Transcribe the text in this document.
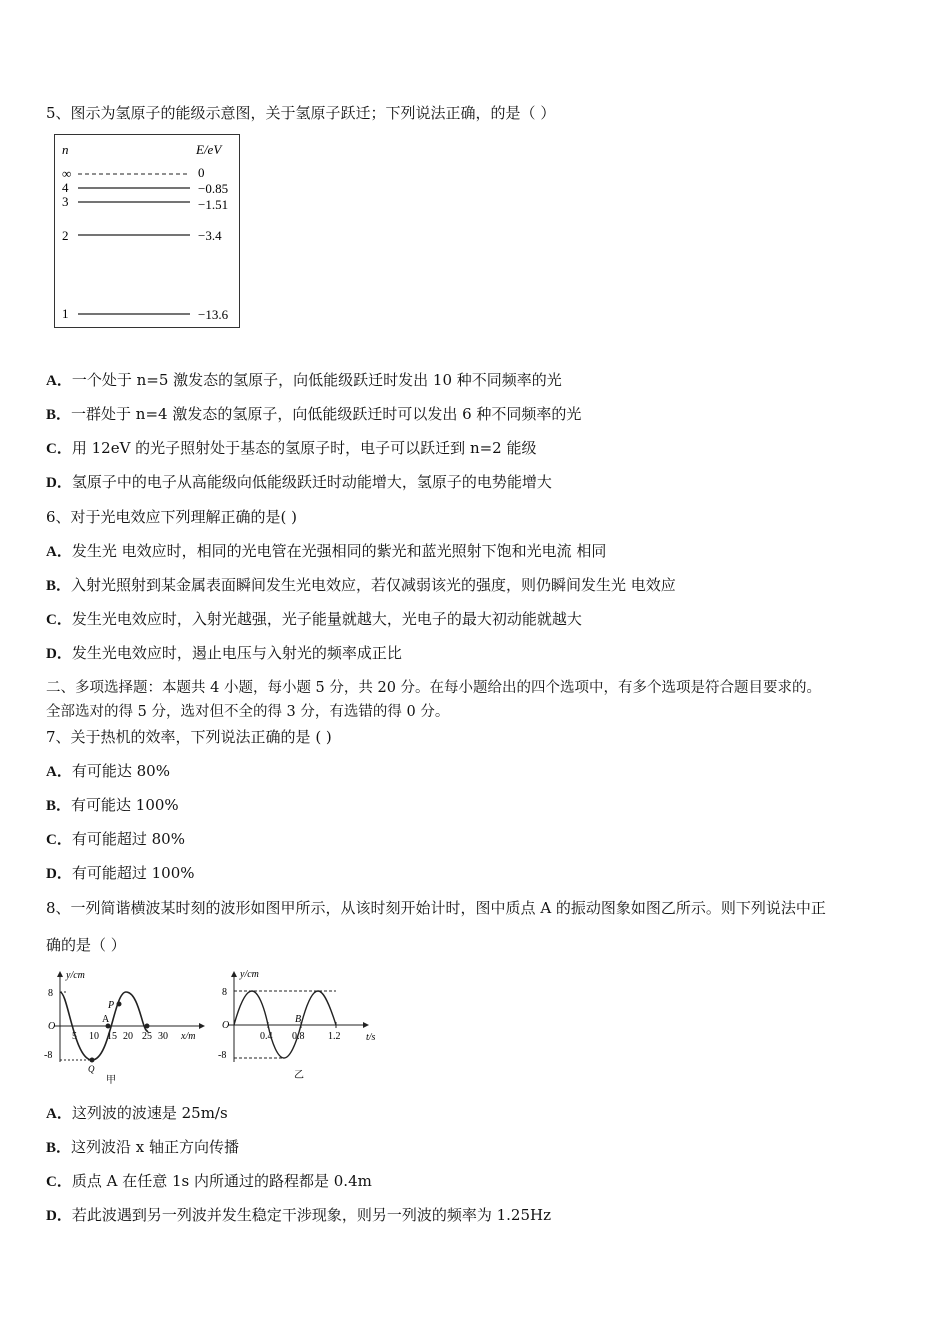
5、图示为氢原子的能级示意图，关于氢原子跃迁；下列说法正确，的是（ ）
n	E/eV
∞	0
4	−0.85
3	−1.51
2	−3.4
1	−13.6
A．一个处于 n=5 激发态的氢原子，向低能级跃迁时发出 10 种不同频率的光
B．一群处于 n=4 激发态的氢原子，向低能级跃迁时可以发出 6 种不同频率的光
C．用 12eV 的光子照射处于基态的氢原子时，电子可以跃迁到 n=2 能级
D．氢原子中的电子从高能级向低能级跃迁时动能增大，氢原子的电势能增大
6、对于光电效应下列理解正确的是( )
A．发生光 电效应时，相同的光电管在光强相同的紫光和蓝光照射下饱和光电流 相同
B．入射光照射到某金属表面瞬间发生光电效应，若仅减弱该光的强度，则仍瞬间发生光 电效应
C．发生光电效应时，入射光越强，光子能量就越大，光电子的最大初动能就越大
D．发生光电效应时，遏止电压与入射光的频率成正比
二、多项选择题：本题共 4 小题，每小题 5 分，共 20 分。在每小题给出的四个选项中，有多个选项是符合题目要求的。
全部选对的得 5 分，选对但不全的得 3 分，有选错的得 0 分。
7、关于热机的效率，下列说法正确的是 ( )
A．有可能达 80%
B．有可能达 100%
C．有可能超过 80%
D．有可能超过 100%
8、一列简谐横波某时刻的波形如图甲所示，从该时刻开始计时，图中质点 A 的振动图象如图乙所示。则下列说法中正
确的是（ ）
y/cm
x/m
8
O
-8
5 10 15 20 25 30
A
P
Q
甲
y/cm
t/s
8
O
-8
0.4 0.8 1.2
B
乙
A．这列波的波速是 25m/s
B．这列波沿 x 轴正方向传播
C．质点 A 在任意 1s 内所通过的路程都是 0.4m
D．若此波遇到另一列波并发生稳定干涉现象，则另一列波的频率为 1.25Hz
